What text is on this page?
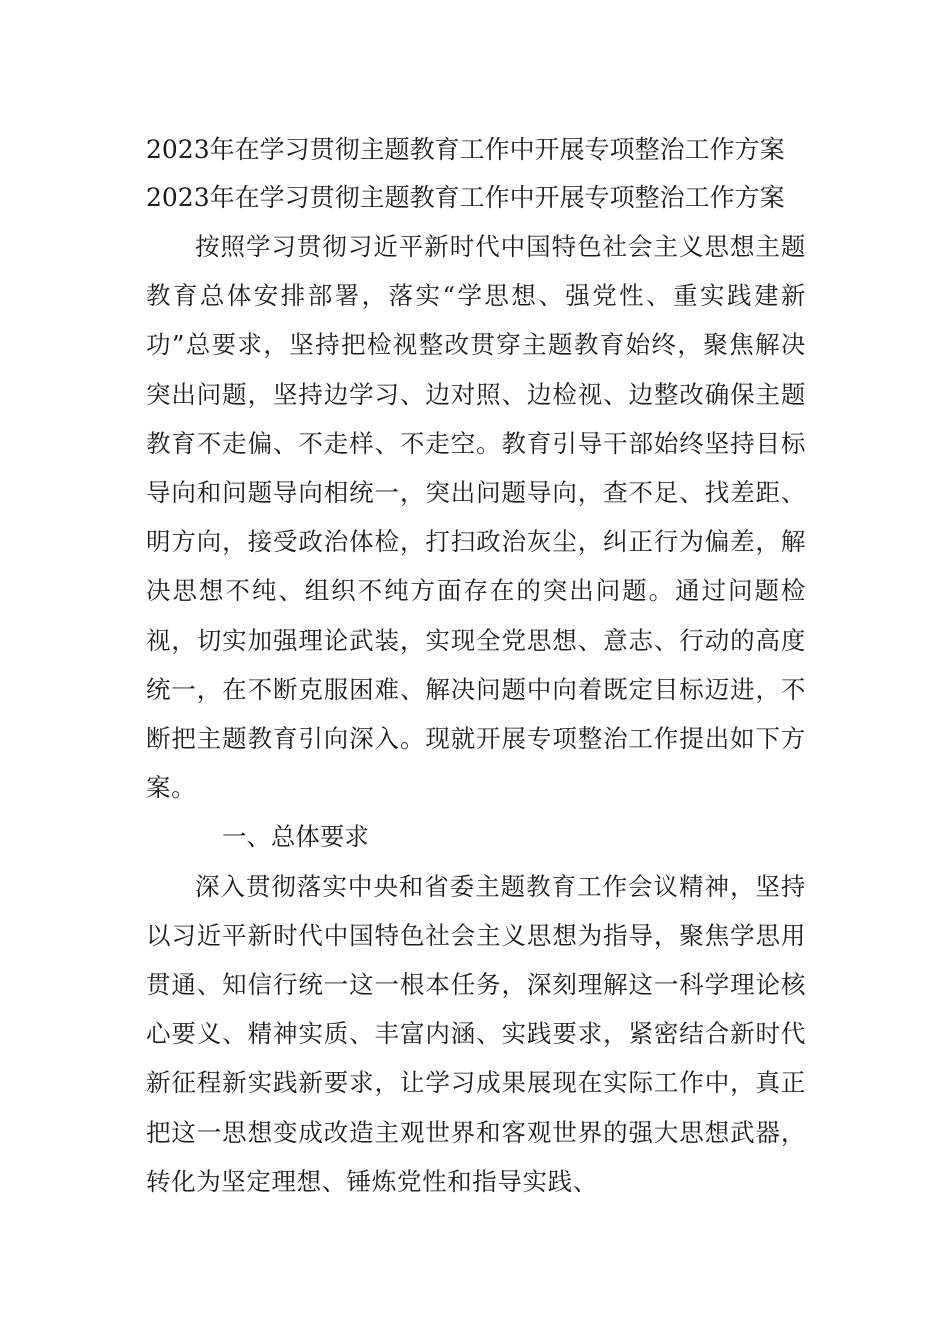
2023年在学习贯彻主题教育工作中开展专项整治工作方案

2023年在学习贯彻主题教育工作中开展专项整治工作方案

按照学习贯彻习近平新时代中国特色社会主义思想主题教育总体安排部署，落实“学思想、强党性、重实践建新功”总要求，坚持把检视整改贯穿主题教育始终，聚焦解决突出问题，坚持边学习、边对照、边检视、边整改确保主题教育不走偏、不走样、不走空。教育引导干部始终坚持目标导向和问题导向相统一，突出问题导向，查不足、找差距、明方向，接受政治体检，打扫政治灰尘，纠正行为偏差，解决思想不纯、组织不纯方面存在的突出问题。通过问题检视，切实加强理论武装，实现全党思想、意志、行动的高度统一，在不断克服困难、解决问题中向着既定目标迈进，不断把主题教育引向深入。现就开展专项整治工作提出如下方案。

一、总体要求

深入贯彻落实中央和省委主题教育工作会议精神，坚持以习近平新时代中国特色社会主义思想为指导，聚焦学思用贯通、知信行统一这一根本任务，深刻理解这一科学理论核心要义、精神实质、丰富内涵、实践要求，紧密结合新时代新征程新实践新要求，让学习成果展现在实际工作中，真正把这一思想变成改造主观世界和客观世界的强大思想武器，转化为坚定理想、锤炼党性和指导实践、
